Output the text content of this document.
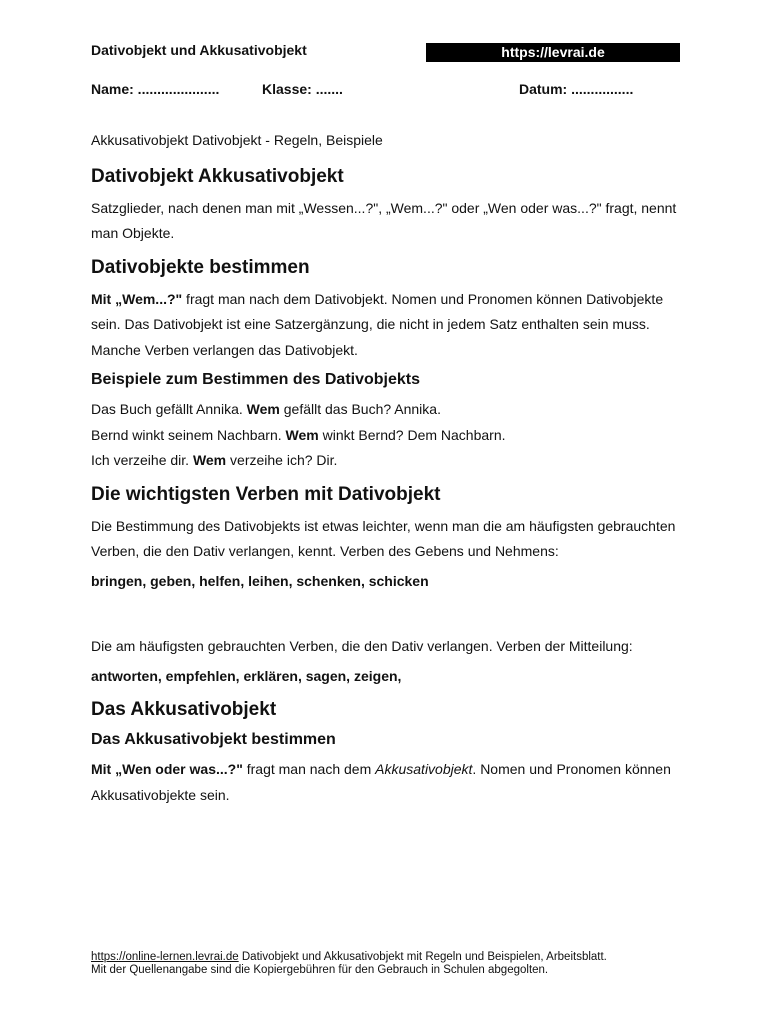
Dativobjekt und Akkusativobjekt	https://levrai.de
Name: .....................	Klasse: .......	Datum: ................

Akkusativobjekt Dativobjekt - Regeln, Beispiele

Dativobjekt Akkusativobjekt

Satzglieder, nach denen man mit „Wessen...?", „Wem...?" oder „Wen oder was...?" fragt, nennt man Objekte.

Dativobjekte bestimmen

Mit „Wem...?" fragt man nach dem Dativobjekt. Nomen und Pronomen können Dativobjekte sein. Das Dativobjekt ist eine Satzergänzung, die nicht in jedem Satz enthalten sein muss. Manche Verben verlangen das Dativobjekt.

Beispiele zum Bestimmen des Dativobjekts

Das Buch gefällt Annika. Wem gefällt das Buch? Annika.

Bernd winkt seinem Nachbarn. Wem winkt Bernd? Dem Nachbarn.

Ich verzeihe dir. Wem verzeihe ich? Dir.

Die wichtigsten Verben mit Dativobjekt

Die Bestimmung des Dativobjekts ist etwas leichter, wenn man die am häufigsten gebrauchten Verben, die den Dativ verlangen, kennt. Verben des Gebens und Nehmens:

bringen, geben, helfen, leihen, schenken, schicken

Die am häufigsten gebrauchten Verben, die den Dativ verlangen. Verben der Mitteilung:

antworten, empfehlen, erklären, sagen, zeigen,

Das Akkusativobjekt
Das Akkusativobjekt bestimmen

Mit „Wen oder was...?" fragt man nach dem Akkusativobjekt. Nomen und Pronomen können Akkusativobjekte sein.

https://online-lernen.levrai.de Dativobjekt und Akkusativobjekt mit Regeln und Beispielen, Arbeitsblatt.
Mit der Quellenangabe sind die Kopiergebühren für den Gebrauch in Schulen abgegolten.
